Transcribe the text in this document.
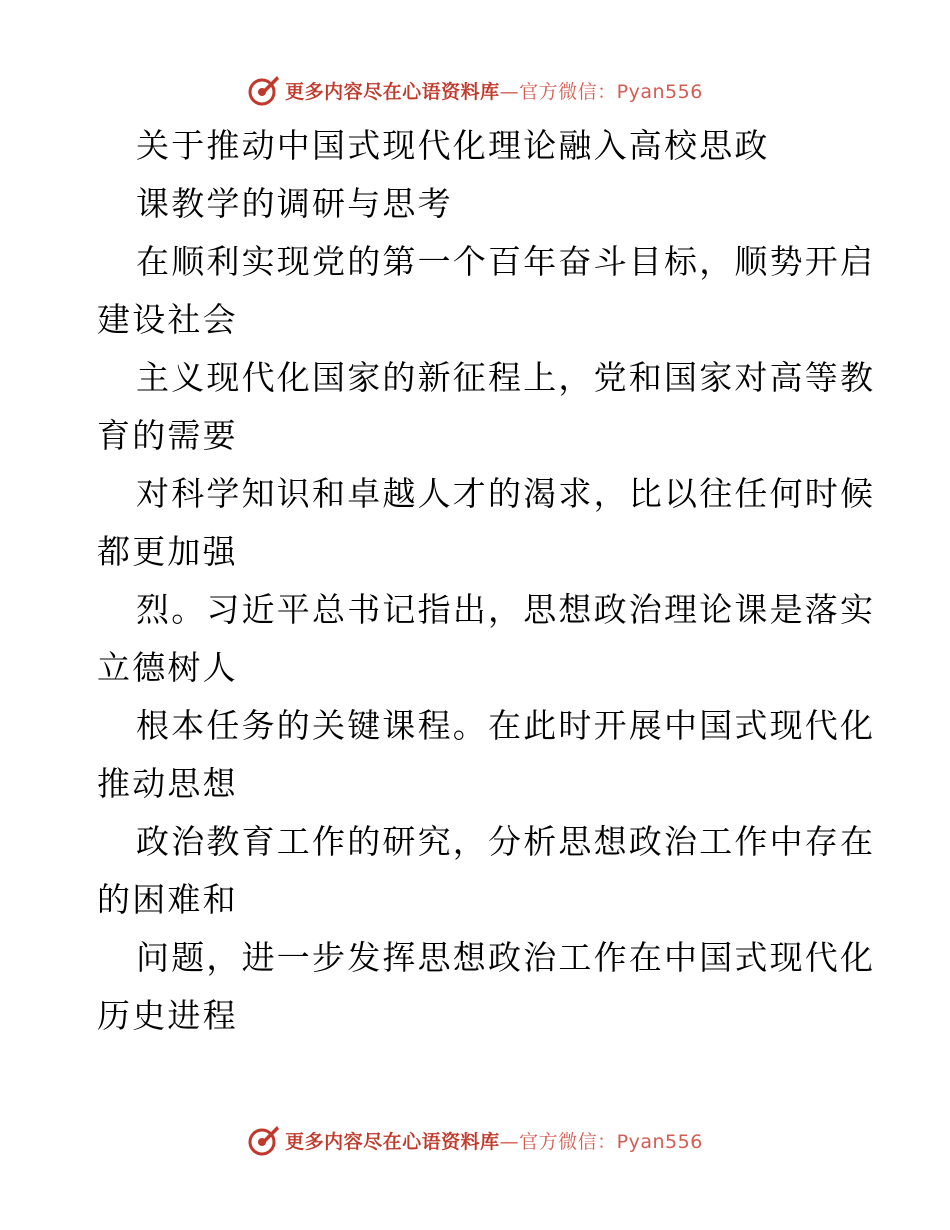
更多内容尽在心语资料库—官方微信：Pyan556
关于推动中国式现代化理论融入高校思政
课教学的调研与思考
在顺利实现党的第一个百年奋斗目标，顺势开启
建设社会
主义现代化国家的新征程上，党和国家对高等教
育的需要
对科学知识和卓越人才的渴求，比以往任何时候
都更加强
烈。习近平总书记指出，思想政治理论课是落实
立德树人
根本任务的关键课程。在此时开展中国式现代化
推动思想
政治教育工作的研究，分析思想政治工作中存在
的困难和
问题，进一步发挥思想政治工作在中国式现代化
历史进程
更多内容尽在心语资料库—官方微信：Pyan556
